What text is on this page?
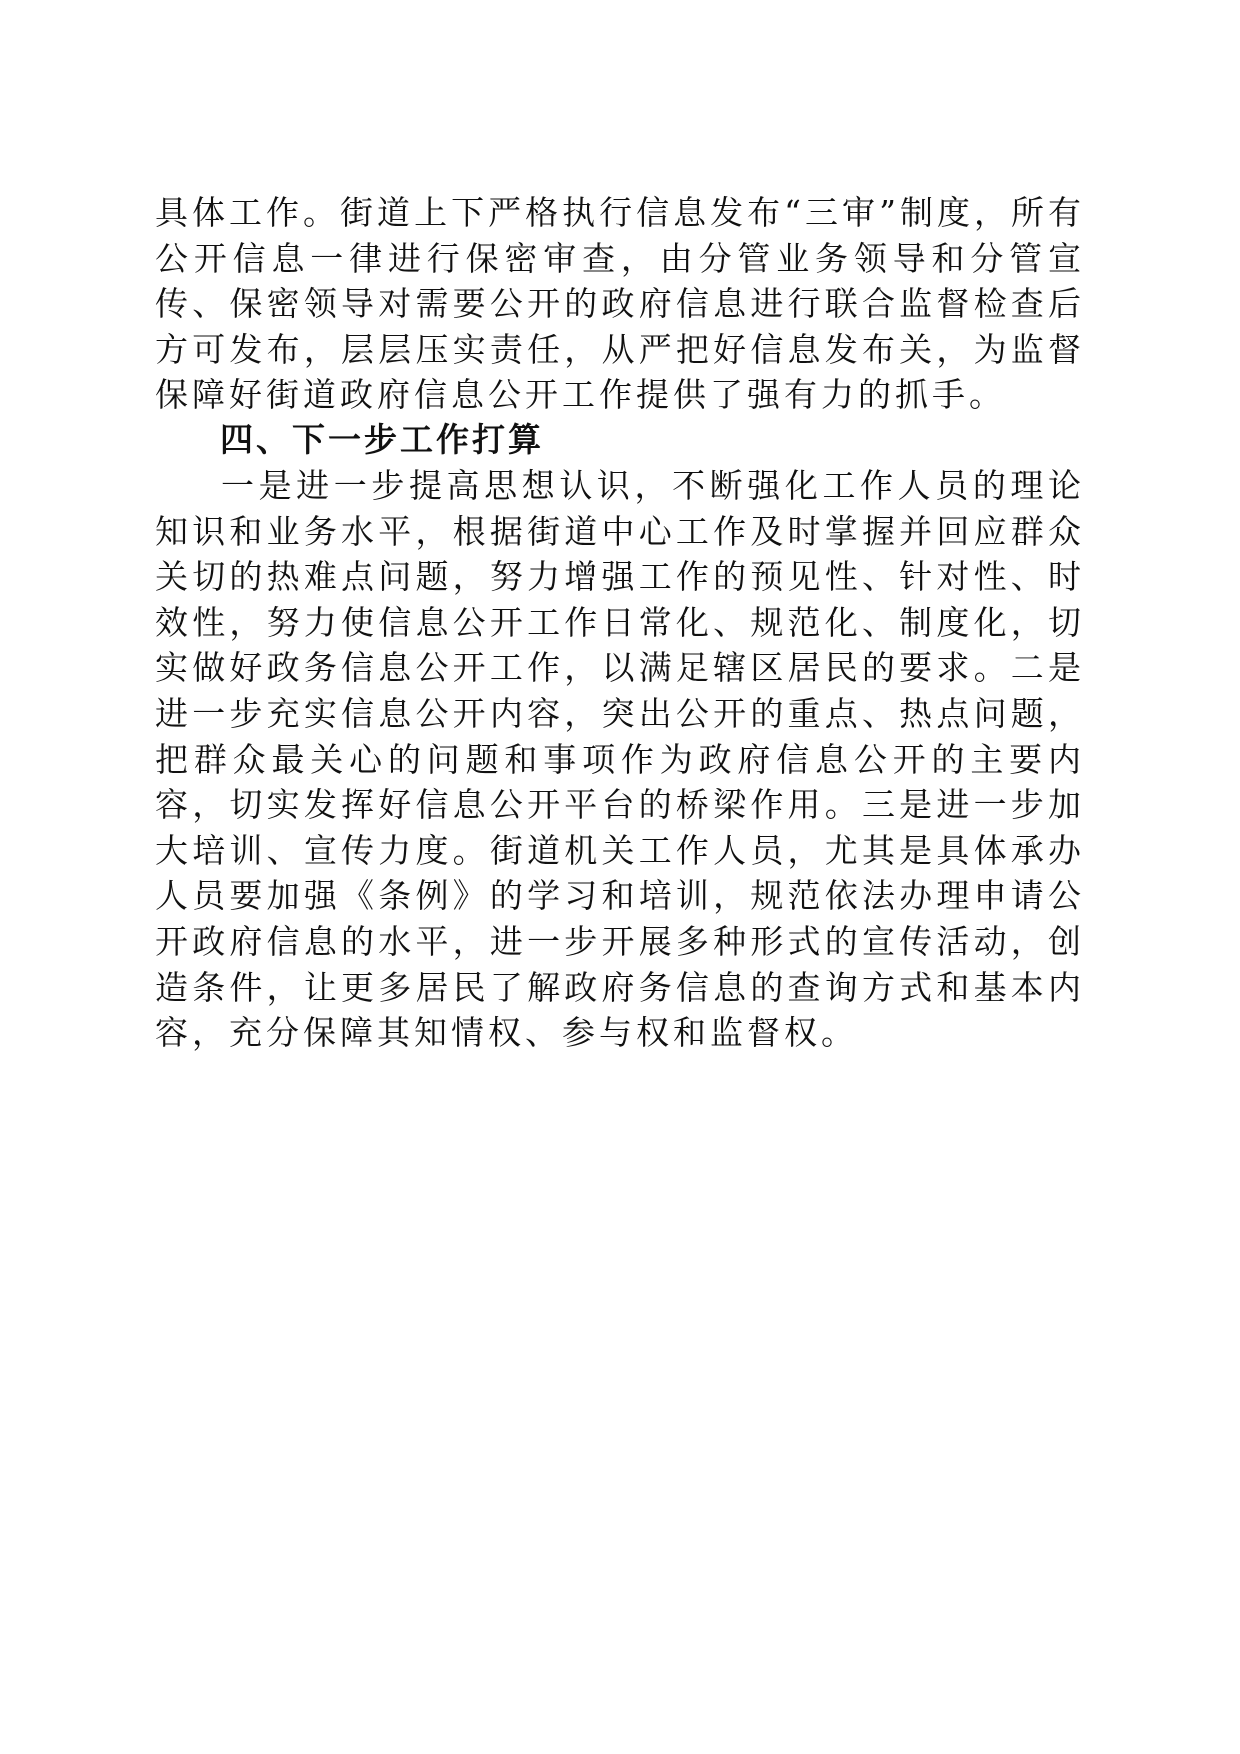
具体工作。街道上下严格执行信息发布“三审”制度，所有公开信息一律进行保密审查，由分管业务领导和分管宣传、保密领导对需要公开的政府信息进行联合监督检查后方可发布，层层压实责任，从严把好信息发布关，为监督保障好街道政府信息公开工作提供了强有力的抓手。

四、下一步工作打算

一是进一步提高思想认识，不断强化工作人员的理论知识和业务水平，根据街道中心工作及时掌握并回应群众关切的热难点问题，努力增强工作的预见性、针对性、时效性，努力使信息公开工作日常化、规范化、制度化，切实做好政务信息公开工作，以满足辖区居民的要求。二是进一步充实信息公开内容，突出公开的重点、热点问题，把群众最关心的问题和事项作为政府信息公开的主要内容，切实发挥好信息公开平台的桥梁作用。三是进一步加大培训、宣传力度。街道机关工作人员，尤其是具体承办人员要加强《条例》的学习和培训，规范依法办理申请公开政府信息的水平，进一步开展多种形式的宣传活动，创造条件，让更多居民了解政府务信息的查询方式和基本内容，充分保障其知情权、参与权和监督权。
